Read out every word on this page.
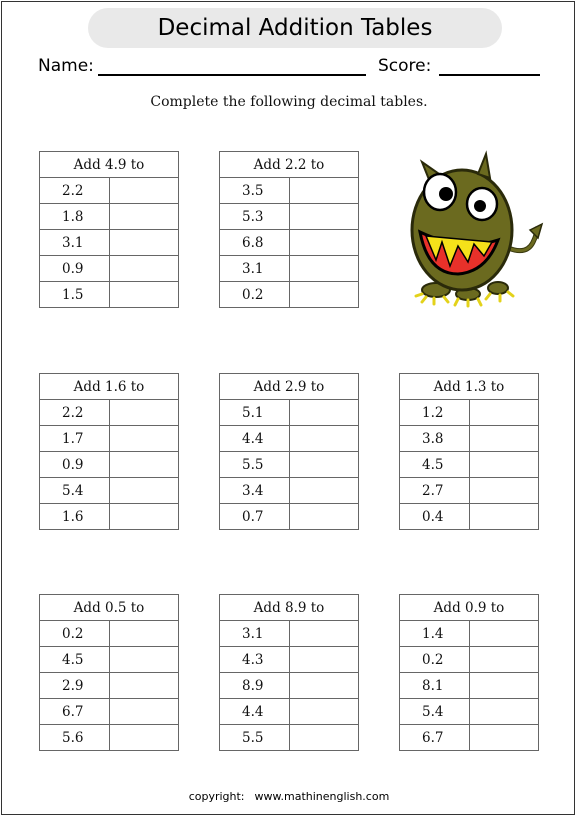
Decimal Addition Tables
Name:	Score:
Complete the following decimal tables.
Add 4.9 to	
2.2	
1.8	
3.1	
0.9	
1.5	
Add 2.2 to	
3.5	
5.3	
6.8	
3.1	
0.2	
Add 1.6 to	
2.2	
1.7	
0.9	
5.4	
1.6	
Add 2.9 to	
5.1	
4.4	
5.5	
3.4	
0.7	
Add 1.3 to	
1.2	
3.8	
4.5	
2.7	
0.4	
Add 0.5 to	
0.2	
4.5	
2.9	
6.7	
5.6	
Add 8.9 to	
3.1	
4.3	
8.9	
4.4	
5.5	
Add 0.9 to	
1.4	
0.2	
8.1	
5.4	
6.7	
copyright: www.mathinenglish.com
